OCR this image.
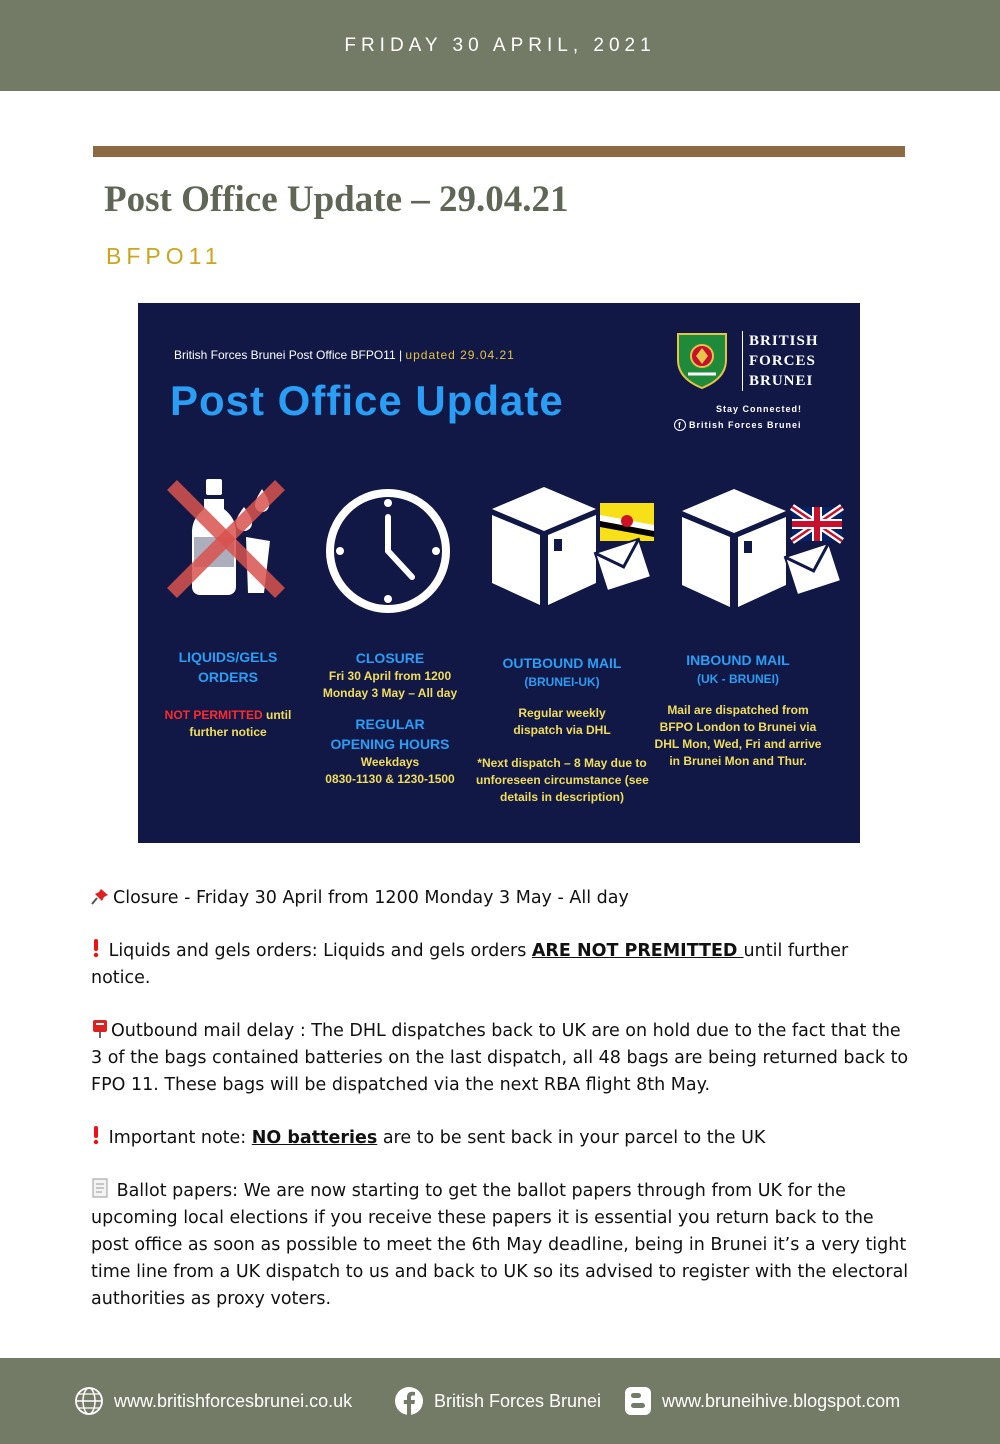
FRIDAY 30 APRIL, 2021
Post Office Update – 29.04.21
BFPO11
British Forces Brunei Post Office BFPO11 | updated 29.04.21
Post Office Update
BRITISH
FORCES
BRUNEI
Stay Connected!
f British Forces Brunei
LIQUIDS/GELS
ORDERS
NOT PERMITTED until
further notice
CLOSURE
Fri 30 April from 1200
Monday 3 May – All day
REGULAR
OPENING HOURS
Weekdays
0830-1130 & 1230-1500
OUTBOUND MAIL
(BRUNEI-UK)
Regular weekly
dispatch via DHL
*Next dispatch – 8 May due to
unforeseen circumstance (see
details in description)
INBOUND MAIL
(UK - BRUNEI)
Mail are dispatched from
BFPO London to Brunei via
DHL Mon, Wed, Fri and arrive
in Brunei Mon and Thur.
Closure - Friday 30 April from 1200 Monday 3 May - All day
Liquids and gels orders: Liquids and gels orders ARE NOT PREMITTED until further notice.
Outbound mail delay : The DHL dispatches back to UK are on hold due to the fact that the 3 of the bags contained batteries on the last dispatch, all 48 bags are being returned back to FPO 11. These bags will be dispatched via the next RBA flight 8th May.
Important note: NO batteries are to be sent back in your parcel to the UK
Ballot papers: We are now starting to get the ballot papers through from UK for the upcoming local elections if you receive these papers it is essential you return back to the post office as soon as possible to meet the 6th May deadline, being in Brunei it’s a very tight time line from a UK dispatch to us and back to UK so its advised to register with the electoral authorities as proxy voters.
www.britishforcesbrunei.co.uk	British Forces Brunei	www.bruneihive.blogspot.com
